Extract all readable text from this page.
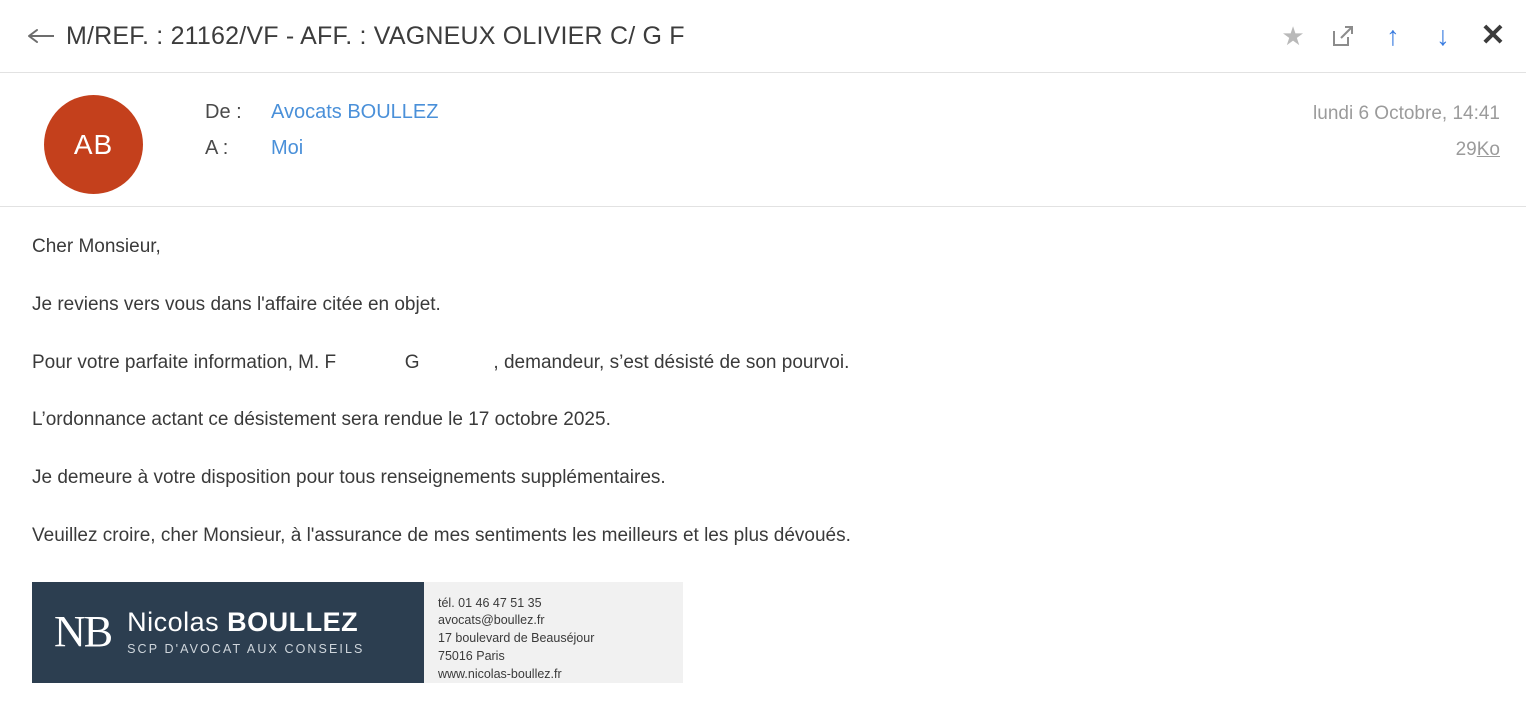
M/REF. : 21162/VF - AFF. : VAGNEUX OLIVIER C/ G F	★	↑	↓ ✕
AB
De :	Avocats BOULLEZ
A :	Moi
lundi 6 Octobre, 14:41
29Ko

Cher Monsieur,

Je reviens vers vous dans l'affaire citée en objet.

Pour votre parfaite information, M. F             G              , demandeur, s’est désisté de son pourvoi.

L’ordonnance actant ce désistement sera rendue le 17 octobre 2025.

Je demeure à votre disposition pour tous renseignements supplémentaires.

Veuillez croire, cher Monsieur, à l'assurance de mes sentiments les meilleurs et les plus dévoués.

NB Nicolas BOULLEZ
SCP D'AVOCAT AUX CONSEILS
tél. 01 46 47 51 35
avocats@boullez.fr
17 boulevard de Beauséjour
75016 Paris
www.nicolas-boullez.fr
